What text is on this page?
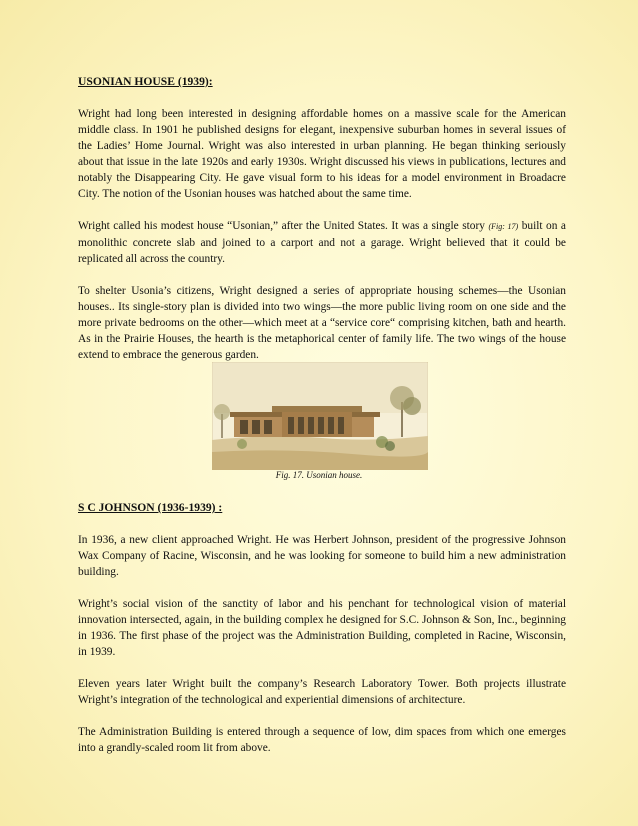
USONIAN HOUSE (1939):

Wright had long been interested in designing affordable homes on a massive scale for the American middle class. In 1901 he published designs for elegant, inexpensive suburban homes in several issues of the Ladies’ Home Journal. Wright was also interested in urban planning. He began thinking seriously about that issue in the late 1920s and early 1930s. Wright discussed his views in publications, lectures and notably the Disappearing City. He gave visual form to his ideas for a model environment in Broadacre City. The notion of the Usonian houses was hatched about the same time.

Wright called his modest house “Usonian,” after the United States. It was a single story (Fig: 17) built on a monolithic concrete slab and joined to a carport and not a garage. Wright believed that it could be replicated all across the country.

To shelter Usonia’s citizens, Wright designed a series of appropriate housing schemes—the Usonian houses.. Its single-story plan is divided into two wings—the more public living room on one side and the more private bedrooms on the other—which meet at a “service core“ comprising kitchen, bath and hearth. As in the Prairie Houses, the hearth is the metaphorical center of family life. The two wings of the house extend to embrace the generous garden.

Fig. 17. Usonian house.
S C JOHNSON (1936-1939) :

In 1936, a new client approached Wright. He was Herbert Johnson, president of the progressive Johnson Wax Company of Racine, Wisconsin, and he was looking for someone to build him a new administration building.

Wright’s social vision of the sanctity of labor and his penchant for technological vision of material innovation intersected, again, in the building complex he designed for S.C. Johnson & Son, Inc., beginning in 1936. The first phase of the project was the Administration Building, completed in Racine, Wisconsin, in 1939.

Eleven years later Wright built the company’s Research Laboratory Tower. Both projects illustrate Wright’s integration of the technological and experiential dimensions of architecture.

The Administration Building is entered through a sequence of low, dim spaces from which one emerges into a grandly-scaled room lit from above.
